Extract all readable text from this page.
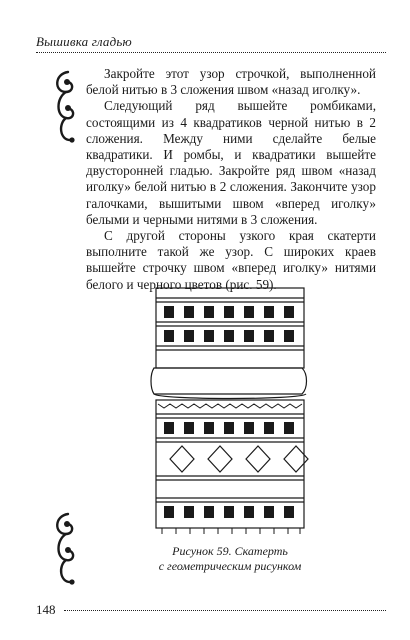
Вышивка гладью

Закройте этот узор строчкой, выполненной белой нитью в 3 сложения швом «назад иголку».

Следующий ряд вышейте ромбиками, состоящими из 4 квадратиков черной нитью в 2 сложения. Между ними сделайте белые квадратики. И ромбы, и квадратики вышейте двусторонней гладью. Закройте ряд швом «назад иголку» белой нитью в 2 сложения. Закончите узор галочками, вышитыми швом «вперед иголку» белыми и черными нитями в 3 сложения.

С другой стороны узкого края скатерти выполните такой же узор. С широких краев вышейте строчку швом «вперед иголку» нитями белого и черного цветов (рис. 59).

Рисунок 59. Скатерть
с геометрическим рисунком
148
